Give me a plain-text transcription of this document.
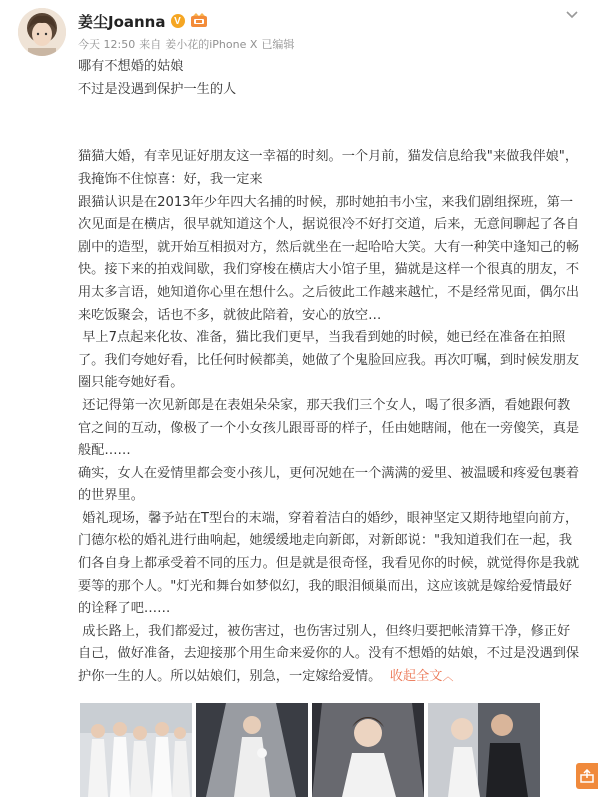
姜尘Joanna V
今天 12:50 来自 姜小花的iPhone X 已编辑

哪有不想婚的姑娘

不过是没遇到保护一生的人

猫猫大婚，有幸见证好朋友这一幸福的时刻。一个月前，猫发信息给我"来做我伴娘"，我掩饰不住惊喜：好，我一定来

跟猫认识是在2013年少年四大名捕的时候，那时她拍韦小宝，来我们剧组探班，第一次见面是在横店，很早就知道这个人，据说很冷不好打交道，后来，无意间聊起了各自剧中的造型，就开始互相损对方，然后就坐在一起哈哈大笑。大有一种笑中逢知己的畅快。接下来的拍戏间歇，我们穿梭在横店大小馆子里，猫就是这样一个很真的朋友，不用太多言语，她知道你心里在想什么。之后彼此工作越来越忙，不是经常见面，偶尔出来吃饭聚会，话也不多，就彼此陪着，安心的放空…

早上7点起来化妆、准备，猫比我们更早，当我看到她的时候，她已经在准备在拍照了。我们夸她好看，比任何时候都美，她做了个鬼脸回应我。再次叮嘱，到时候发朋友圈只能夸她好看。

还记得第一次见新郎是在表姐朵朵家，那天我们三个女人，喝了很多酒，看她跟何教官之间的互动，像极了一个小女孩儿跟哥哥的样子，任由她瞎闹，他在一旁傻笑，真是般配……

确实，女人在爱情里都会变小孩儿，更何况她在一个满满的爱里、被温暖和疼爱包裹着的世界里。

婚礼现场，馨予站在T型台的末端，穿着着洁白的婚纱，眼神坚定又期待地望向前方，门德尔松的婚礼进行曲响起，她缓缓地走向新郎，对新郎说："我知道我们在一起，我们各自身上都承受着不同的压力。但是就是很奇怪，我看见你的时候，就觉得你是我就要等的那个人。"灯光和舞台如梦似幻，我的眼泪倾巢而出，这应该就是嫁给爱情最好的诠释了吧……

成长路上，我们都爱过，被伤害过，也伤害过别人，但终归要把帐清算干净，修正好自己，做好准备，去迎接那个用生命来爱你的人。没有不想婚的姑娘，不过是没遇到保护你一生的人。所以姑娘们，别急，一定嫁给爱情。 收起全文︿
